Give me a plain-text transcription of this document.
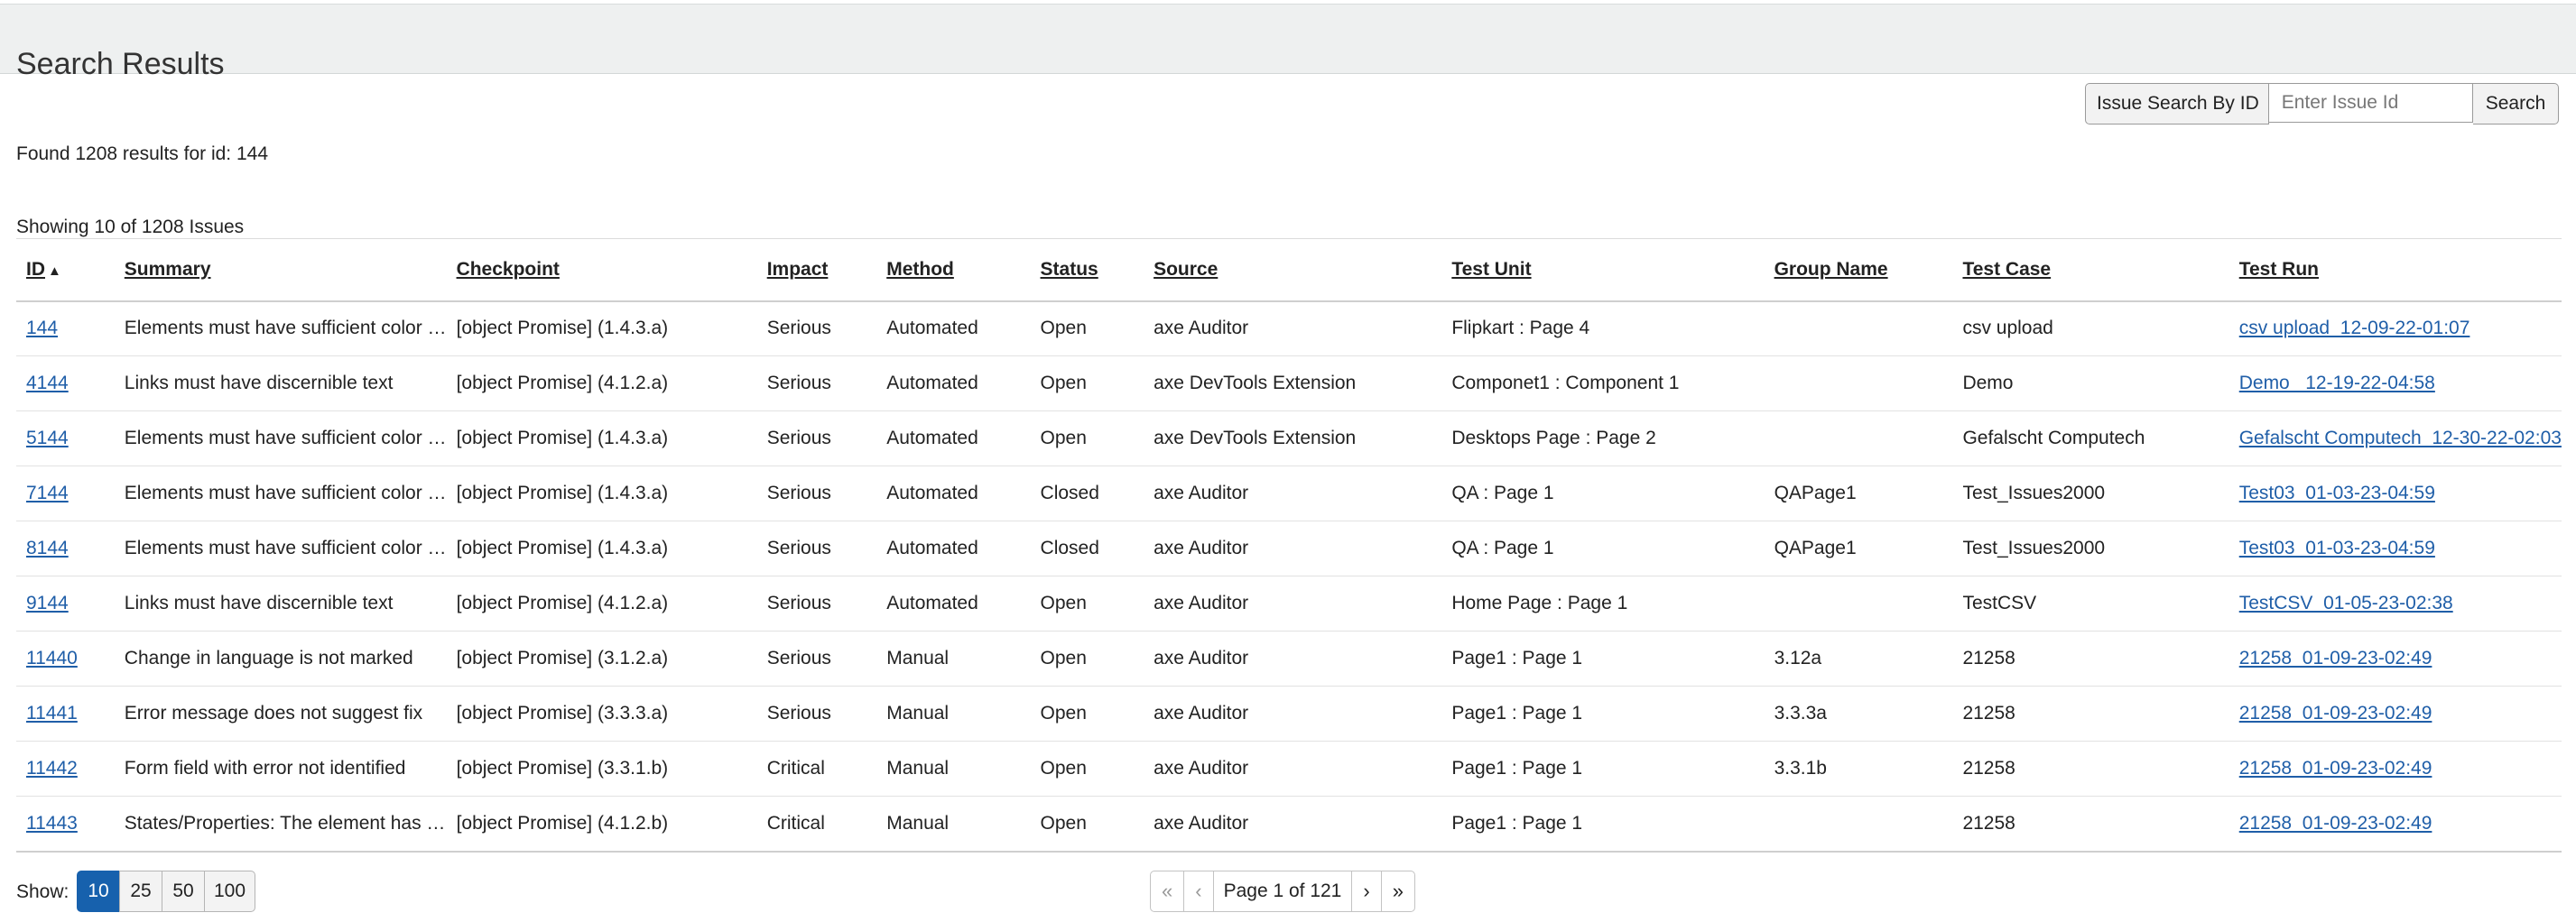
Search Results
Issue Search By ID
Enter Issue Id	Search
Found 1208 results for id: 144
Showing 10 of 1208 Issues
ID ▲	Summary	Checkpoint	Impact	Method	Status	Source	Test Unit	Group Name	Test Case	Test Run
144	Elements must have sufficient color …	[object Promise] (1.4.3.a)	Serious	Automated	Open	axe Auditor	Flipkart : Page 4		csv upload	csv upload_12-09-22-01:07
4144	Links must have discernible text	[object Promise] (4.1.2.a)	Serious	Automated	Open	axe DevTools Extension	Componet1 : Component 1		Demo	Demo _12-19-22-04:58
5144	Elements must have sufficient color …	[object Promise] (1.4.3.a)	Serious	Automated	Open	axe DevTools Extension	Desktops Page : Page 2		Gefalscht Computech	Gefalscht Computech_12-30-22-02:03
7144	Elements must have sufficient color …	[object Promise] (1.4.3.a)	Serious	Automated	Closed	axe Auditor	QA : Page 1	QAPage1	Test_Issues2000	Test03_01-03-23-04:59
8144	Elements must have sufficient color …	[object Promise] (1.4.3.a)	Serious	Automated	Closed	axe Auditor	QA : Page 1	QAPage1	Test_Issues2000	Test03_01-03-23-04:59
9144	Links must have discernible text	[object Promise] (4.1.2.a)	Serious	Automated	Open	axe Auditor	Home Page : Page 1		TestCSV	TestCSV_01-05-23-02:38
11440	Change in language is not marked	[object Promise] (3.1.2.a)	Serious	Manual	Open	axe Auditor	Page1 : Page 1	3.12a	21258	21258_01-09-23-02:49
11441	Error message does not suggest fix	[object Promise] (3.3.3.a)	Serious	Manual	Open	axe Auditor	Page1 : Page 1	3.3.3a	21258	21258_01-09-23-02:49
11442	Form field with error not identified	[object Promise] (3.3.1.b)	Critical	Manual	Open	axe Auditor	Page1 : Page 1	3.3.1b	21258	21258_01-09-23-02:49
11443	States/Properties: The element has …	[object Promise] (4.1.2.b)	Critical	Manual	Open	axe Auditor	Page1 : Page 1		21258	21258_01-09-23-02:49
Show: 10	25	50	100	«	‹	Page 1 of 121	›	»
